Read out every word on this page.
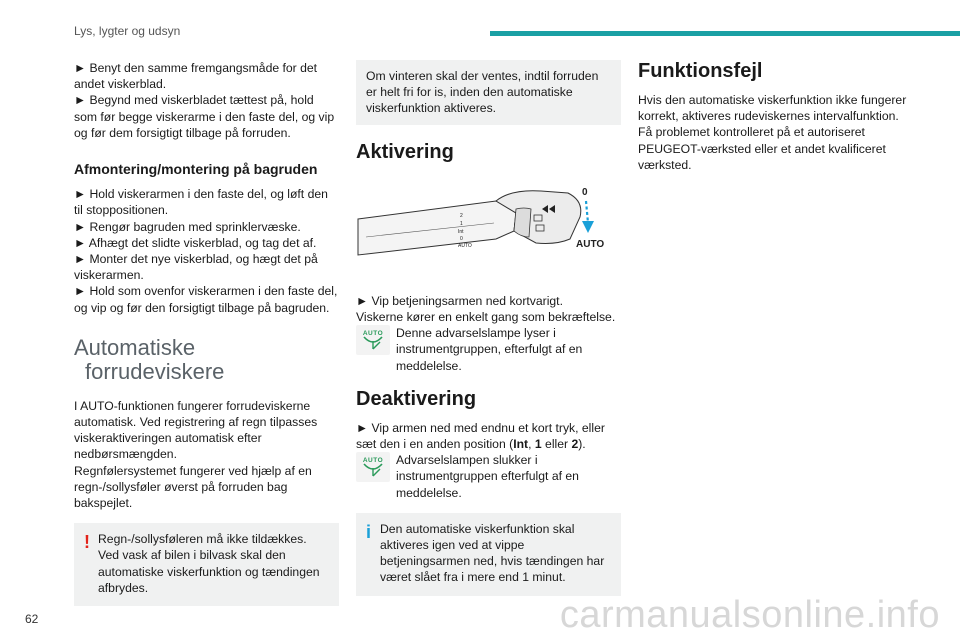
Lys, lygter og udsyn

► Benyt den samme fremgangsmåde for det andet viskerblad.

► Begynd med viskerbladet tættest på, hold som før begge viskerarme i den faste del, og vip og før dem forsigtigt tilbage på forruden.

Afmontering/montering på bagruden

► Hold viskerarmen i den faste del, og løft den til stoppositionen.

► Rengør bagruden med sprinklervæske.

► Afhægt det slidte viskerblad, og tag det af.

► Monter det nye viskerblad, og hægt det på viskerarmen.

► Hold som ovenfor viskerarmen i den faste del, og vip og før den forsigtigt tilbage på bagruden.

Automatiske
forrudeviskere

I AUTO-funktionen fungerer forrudeviskerne automatisk. Ved registrering af regn tilpasses viskeraktiveringen automatisk efter nedbørsmængden.

Regnfølersystemet fungerer ved hjælp af en regn-/sollysføler øverst på forruden bag bakspejlet.

! Regn-/sollysføleren må ikke tildækkes.

Ved vask af bilen i bilvask skal den automatiske viskerfunktion og tændingen afbrydes.

Om vinteren skal der ventes, indtil forruden er helt fri for is, inden den automatiske viskerfunktion aktiveres.

Aktivering
2
1
Int
0
AUTO
0
AUTO

► Vip betjeningsarmen ned kortvarigt.

Viskerne kører en enkelt gang som bekræftelse.

AUTO	Denne advarselslampe lyser i instrumentgruppen, efterfulgt af en meddelelse.

Deaktivering

► Vip armen ned med endnu et kort tryk, eller sæt den i en anden position (Int, 1 eller 2).

AUTO	Advarselslampen slukker i instrumentgruppen efterfulgt af en meddelelse.

i Den automatiske viskerfunktion skal aktiveres igen ved at vippe betjeningsarmen ned, hvis tændingen har været slået fra i mere end 1 minut.

Funktionsfejl

Hvis den automatiske viskerfunktion ikke fungerer korrekt, aktiveres rudeviskernes intervalfunktion.

Få problemet kontrolleret på et autoriseret PEUGEOT-værksted eller et andet kvalificeret værksted.

62	carmanualsonline.info
